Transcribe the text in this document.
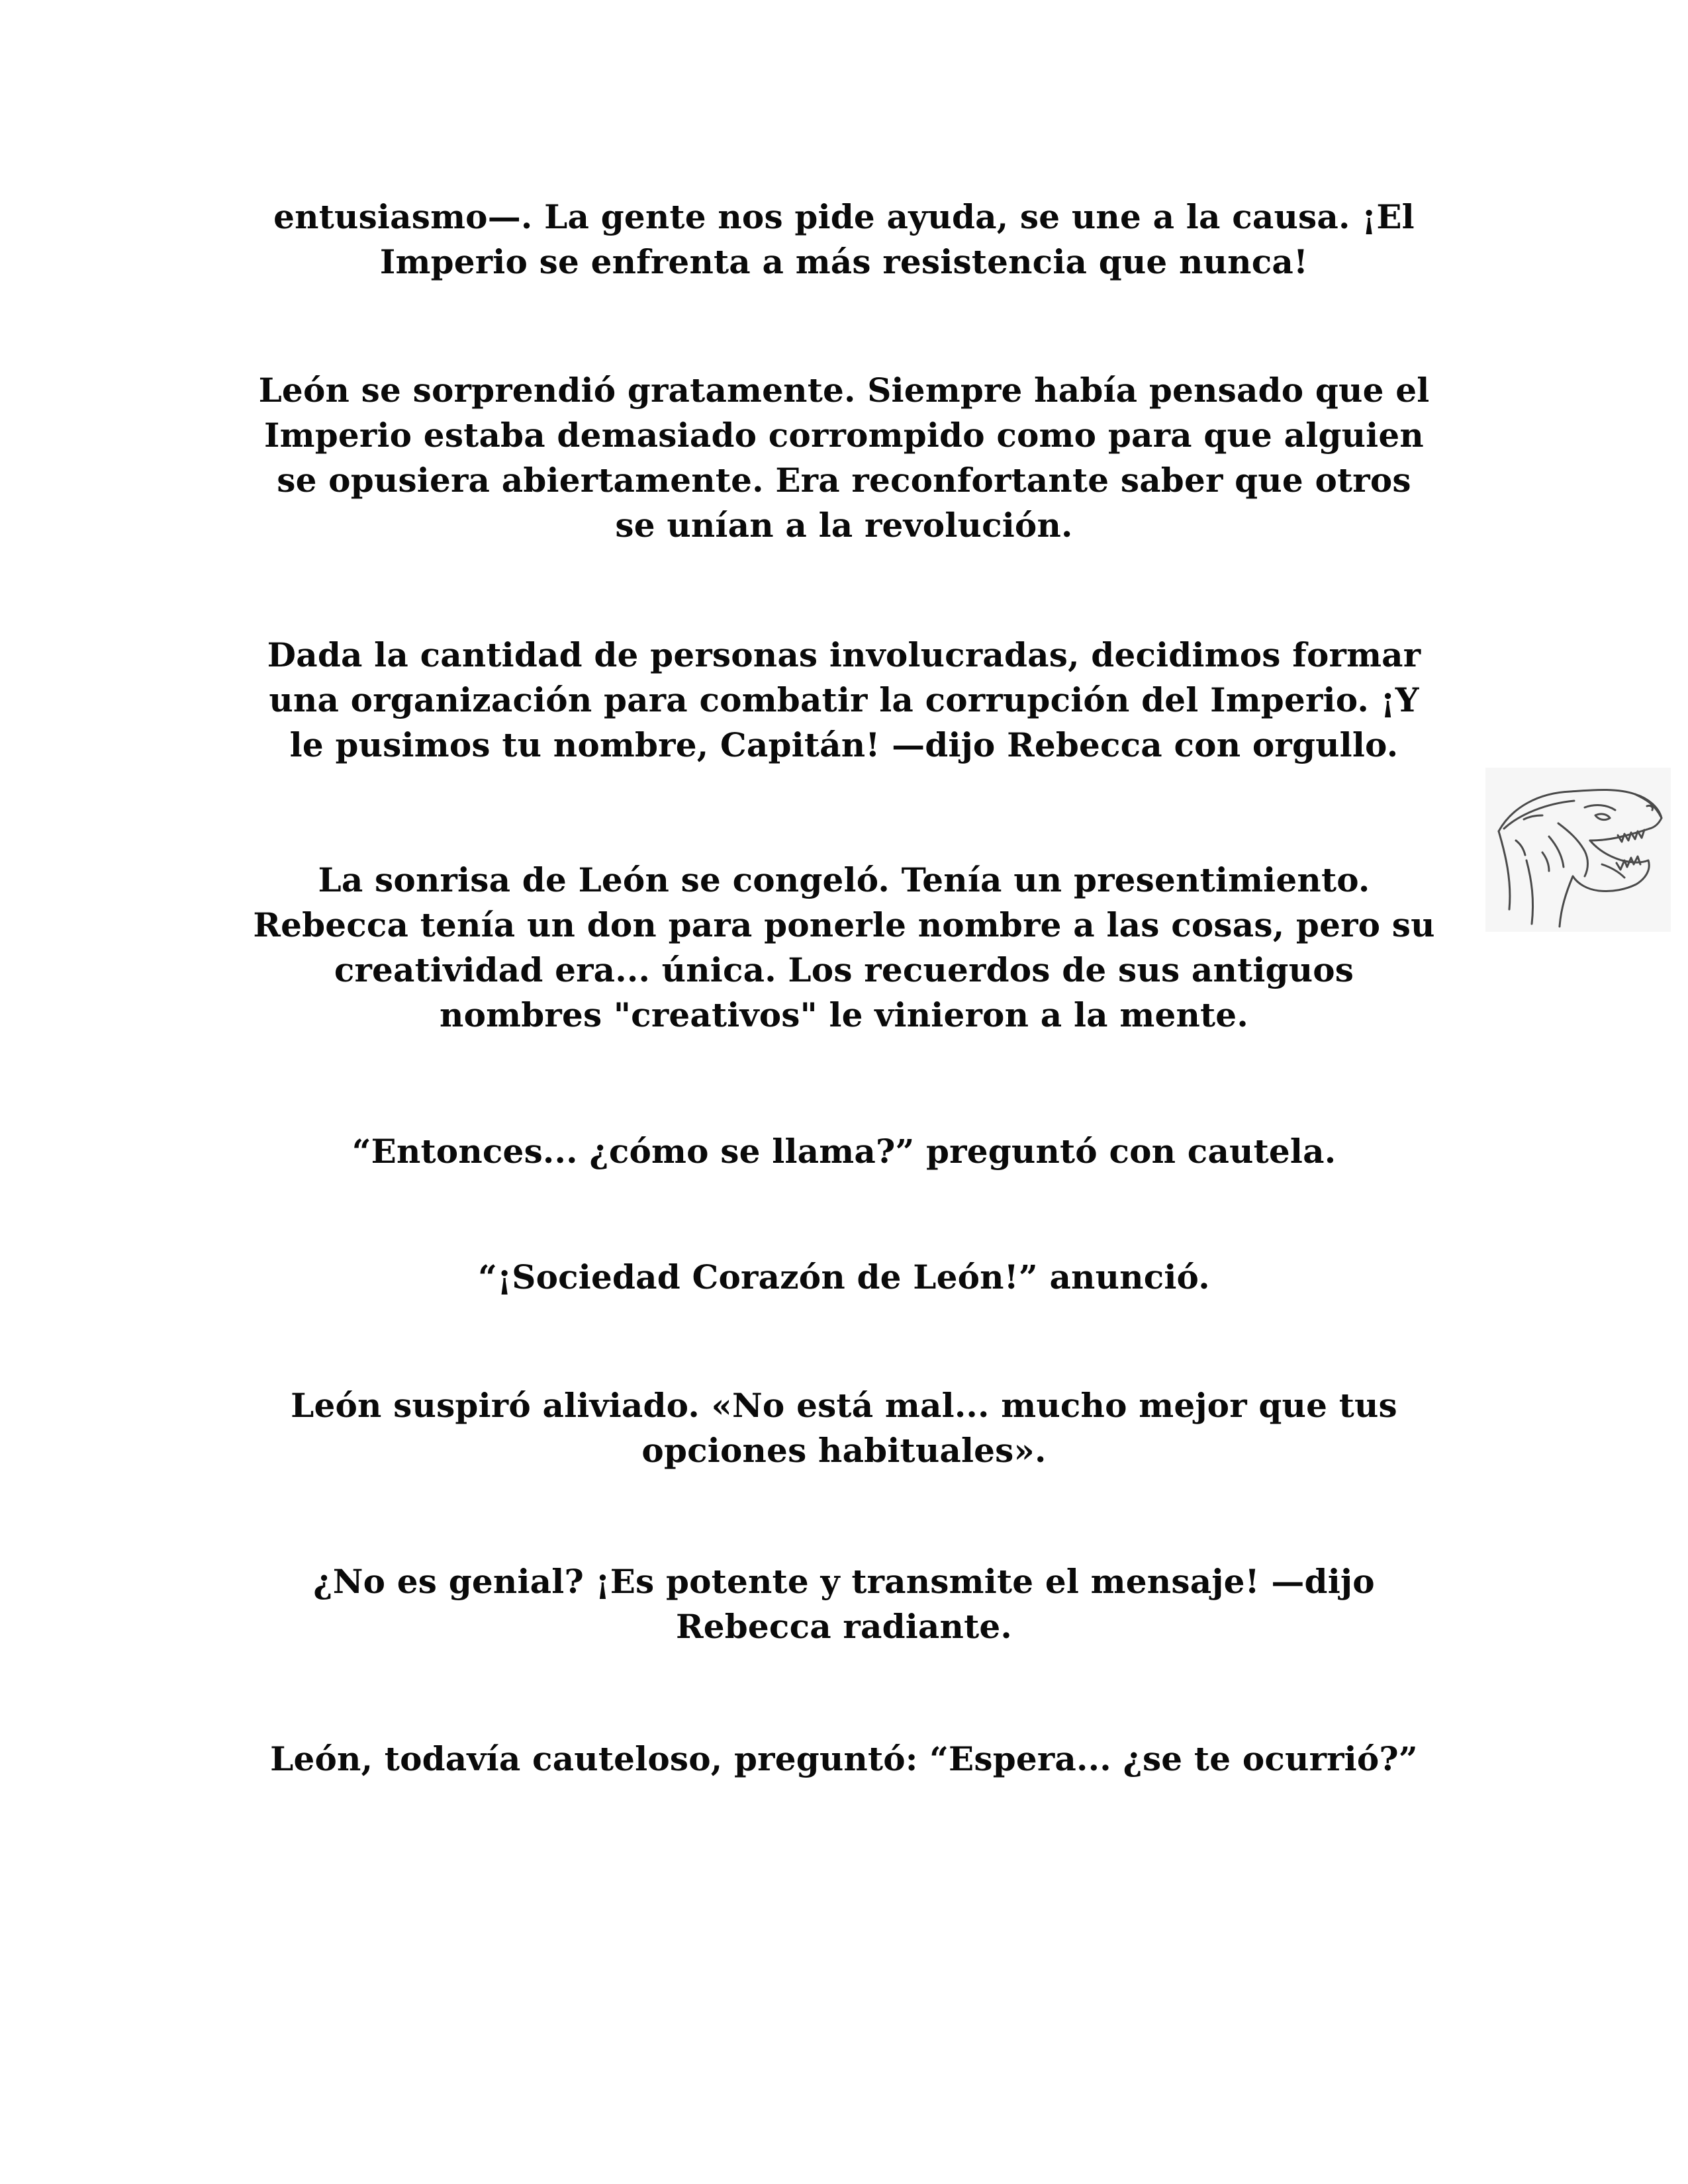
entusiasmo—. La gente nos pide ayuda, se une a la causa. ¡El
Imperio se enfrenta a más resistencia que nunca!

León se sorprendió gratamente. Siempre había pensado que el
Imperio estaba demasiado corrompido como para que alguien
se opusiera abiertamente. Era reconfortante saber que otros
se unían a la revolución.

Dada la cantidad de personas involucradas, decidimos formar
una organización para combatir la corrupción del Imperio. ¡Y
le pusimos tu nombre, Capitán! —dijo Rebecca con orgullo.

La sonrisa de León se congeló. Tenía un presentimiento.
Rebecca tenía un don para ponerle nombre a las cosas, pero su
creatividad era... única. Los recuerdos de sus antiguos
nombres "creativos" le vinieron a la mente.

“Entonces... ¿cómo se llama?” preguntó con cautela.

“¡Sociedad Corazón de León!” anunció.

León suspiró aliviado. «No está mal... mucho mejor que tus
opciones habituales».

¿No es genial? ¡Es potente y transmite el mensaje! —dijo
Rebecca radiante.

León, todavía cauteloso, preguntó: “Espera... ¿se te ocurrió?”
